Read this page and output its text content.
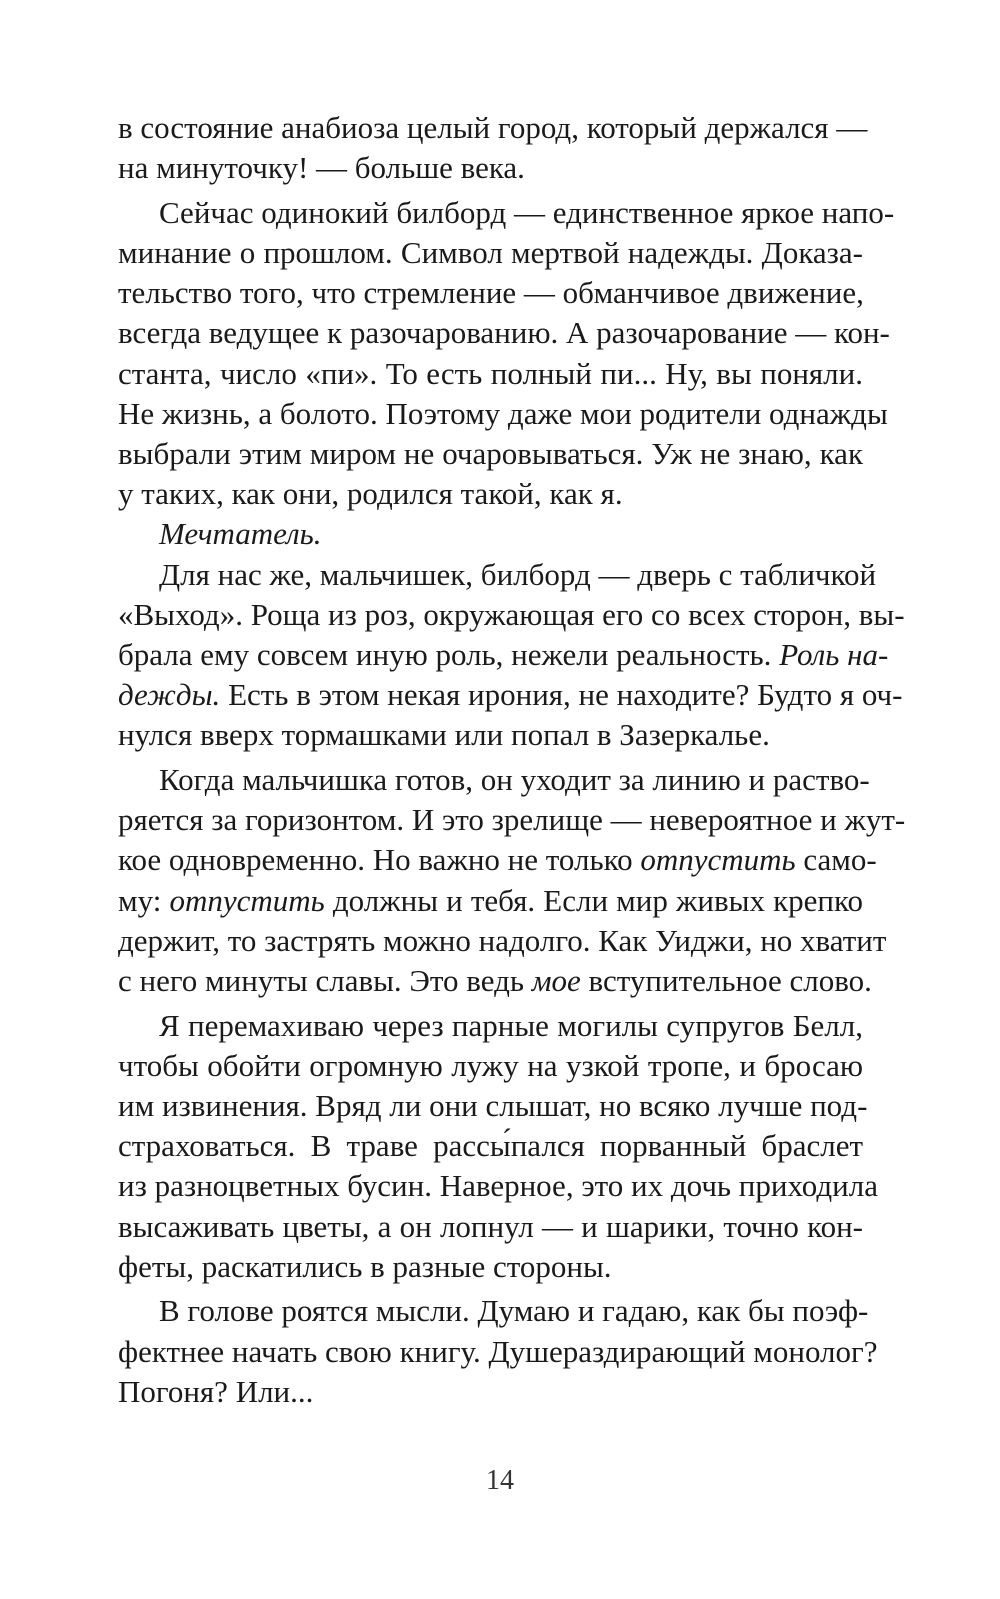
в состояние анабиоза целый город, который держался —
на минуточку! — больше века.
Сейчас одинокий билборд — единственное яркое напо-
минание о прошлом. Символ мертвой надежды. Доказа-
тельство того, что стремление — обманчивое движение,
всегда ведущее к разочарованию. А разочарование — кон-
станта, число «пи». То есть полный пи... Ну, вы поняли.
Не жизнь, а болото. Поэтому даже мои родители однажды
выбрали этим миром не очаровываться. Уж не знаю, как
у таких, как они, родился такой, как я.
Мечтатель.
Для нас же, мальчишек, билборд — дверь с табличкой
«Выход». Роща из роз, окружающая его со всех сторон, вы-
брала ему совсем иную роль, нежели реальность. Роль на-
дежды. Есть в этом некая ирония, не находите? Будто я оч-
нулся вверх тормашками или попал в Зазеркалье.
Когда мальчишка готов, он уходит за линию и раство-
ряется за горизонтом. И это зрелище — невероятное и жут-
кое одновременно. Но важно не только отпустить само-
му: отпустить должны и тебя. Если мир живых крепко
держит, то застрять можно надолго. Как Уиджи, но хватит
с него минуты славы. Это ведь мое вступительное слово.
Я перемахиваю через парные могилы супругов Белл,
чтобы обойти огромную лужу на узкой тропе, и бросаю
им извинения. Вряд ли они слышат, но всяко лучше под-
страховаться. В траве рассы́пался порванный браслет
из разноцветных бусин. Наверное, это их дочь приходила
высаживать цветы, а он лопнул — и шарики, точно кон-
феты, раскатились в разные стороны.
В голове роятся мысли. Думаю и гадаю, как бы поэф-
фектнее начать свою книгу. Душераздирающий монолог?
Погоня? Или...
14
